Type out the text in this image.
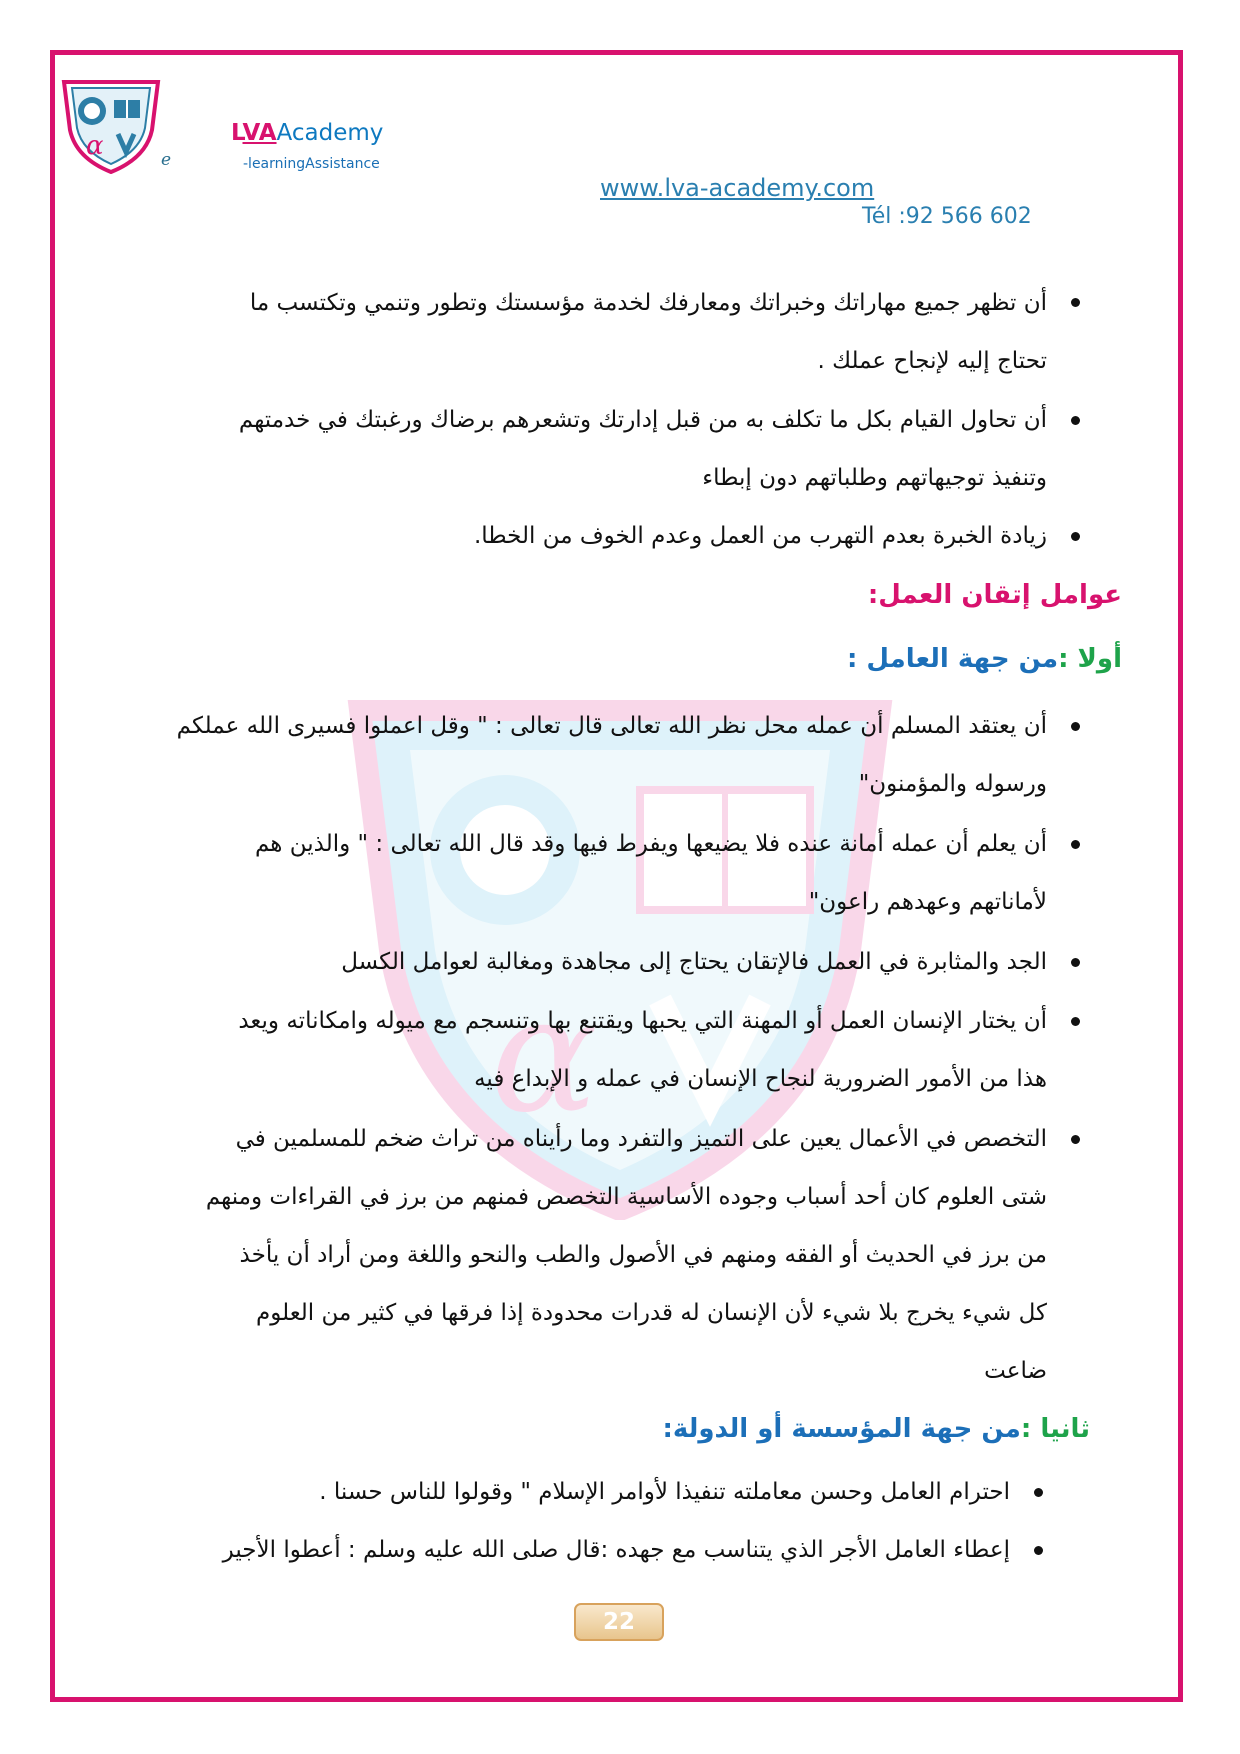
α	e
LVAAcademy
-learningAssistance
www.lva-academy.com
Tél :92 566 602
α
أن تظهر جميع مهاراتك وخبراتك ومعارفك لخدمة مؤسستك وتطور وتنمي وتكتسب ما
تحتاج إليه لإنجاح عملك .
أن تحاول القيام بكل ما تكلف به من قبل إدارتك وتشعرهم برضاك ورغبتك في خدمتهم
وتنفيذ توجيهاتهم وطلباتهم دون إبطاء
زيادة الخبرة بعدم التهرب من العمل وعدم الخوف من الخطا.
عوامل إتقان العمل:
أولا :من جهة العامل :
أن يعتقد المسلم أن عمله محل نظر الله تعالى قال تعالى : " وقل اعملوا فسيرى الله عملكم
ورسوله والمؤمنون"
أن يعلم أن عمله أمانة عنده فلا يضيعها ويفرط فيها وقد قال الله تعالى : " والذين هم
لأماناتهم وعهدهم راعون"
الجد والمثابرة في العمل فالإتقان يحتاج إلى مجاهدة ومغالبة لعوامل الكسل
أن يختار الإنسان العمل أو المهنة التي يحبها ويقتنع بها وتنسجم مع ميوله وامكاناته ويعد
هذا من الأمور الضرورية لنجاح الإنسان في عمله و الإبداع فيه
التخصص في الأعمال يعين على التميز والتفرد وما رأيناه من تراث ضخم للمسلمين في
شتى العلوم كان أحد أسباب وجوده الأساسية التخصص فمنهم من برز في القراءات ومنهم
من برز في الحديث أو الفقه ومنهم في الأصول والطب والنحو واللغة ومن أراد أن يأخذ
كل شيء يخرج بلا شيء لأن الإنسان له قدرات محدودة إذا فرقها في كثير من العلوم
ضاعت
ثانيا :من جهة المؤسسة أو الدولة:
احترام العامل وحسن معاملته تنفيذا لأوامر الإسلام " وقولوا للناس حسنا .
إعطاء العامل الأجر الذي يتناسب مع جهده :قال صلى الله عليه وسلم : أعطوا الأجير
22
